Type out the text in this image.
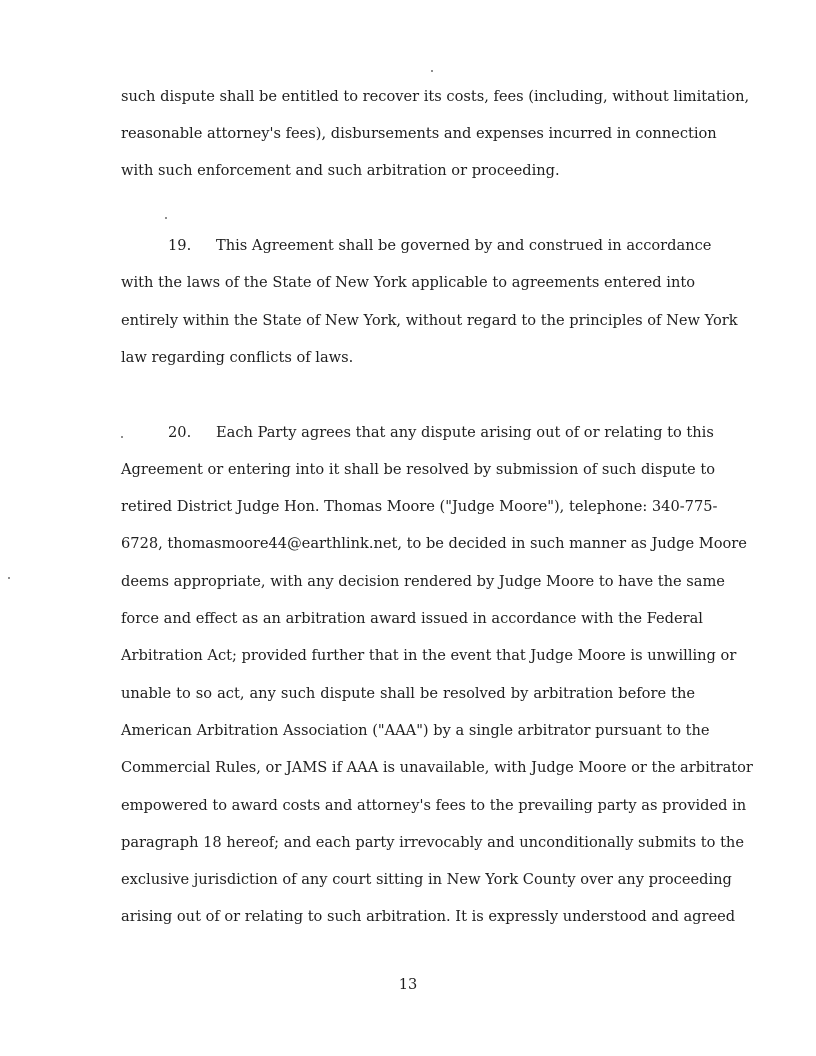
such dispute shall be entitled to recover its costs, fees (including, without limitation,
reasonable attorney's fees), disbursements and expenses incurred in connection
with such enforcement and such arbitration or proceeding.
19. This Agreement shall be governed by and construed in accordance
with the laws of the State of New York applicable to agreements entered into
entirely within the State of New York, without regard to the principles of New York
law regarding conflicts of laws.
20. Each Party agrees that any dispute arising out of or relating to this
Agreement or entering into it shall be resolved by submission of such dispute to
retired District Judge Hon. Thomas Moore ("Judge Moore"), telephone: 340-775-
6728, thomasmoore44@earthlink.net, to be decided in such manner as Judge Moore
deems appropriate, with any decision rendered by Judge Moore to have the same
force and effect as an arbitration award issued in accordance with the Federal
Arbitration Act; provided further that in the event that Judge Moore is unwilling or
unable to so act, any such dispute shall be resolved by arbitration before the
American Arbitration Association ("AAA") by a single arbitrator pursuant to the
Commercial Rules, or JAMS if AAA is unavailable, with Judge Moore or the arbitrator
empowered to award costs and attorney's fees to the prevailing party as provided in
paragraph 18 hereof; and each party irrevocably and unconditionally submits to the
exclusive jurisdiction of any court sitting in New York County over any proceeding
arising out of or relating to such arbitration. It is expressly understood and agreed
13
